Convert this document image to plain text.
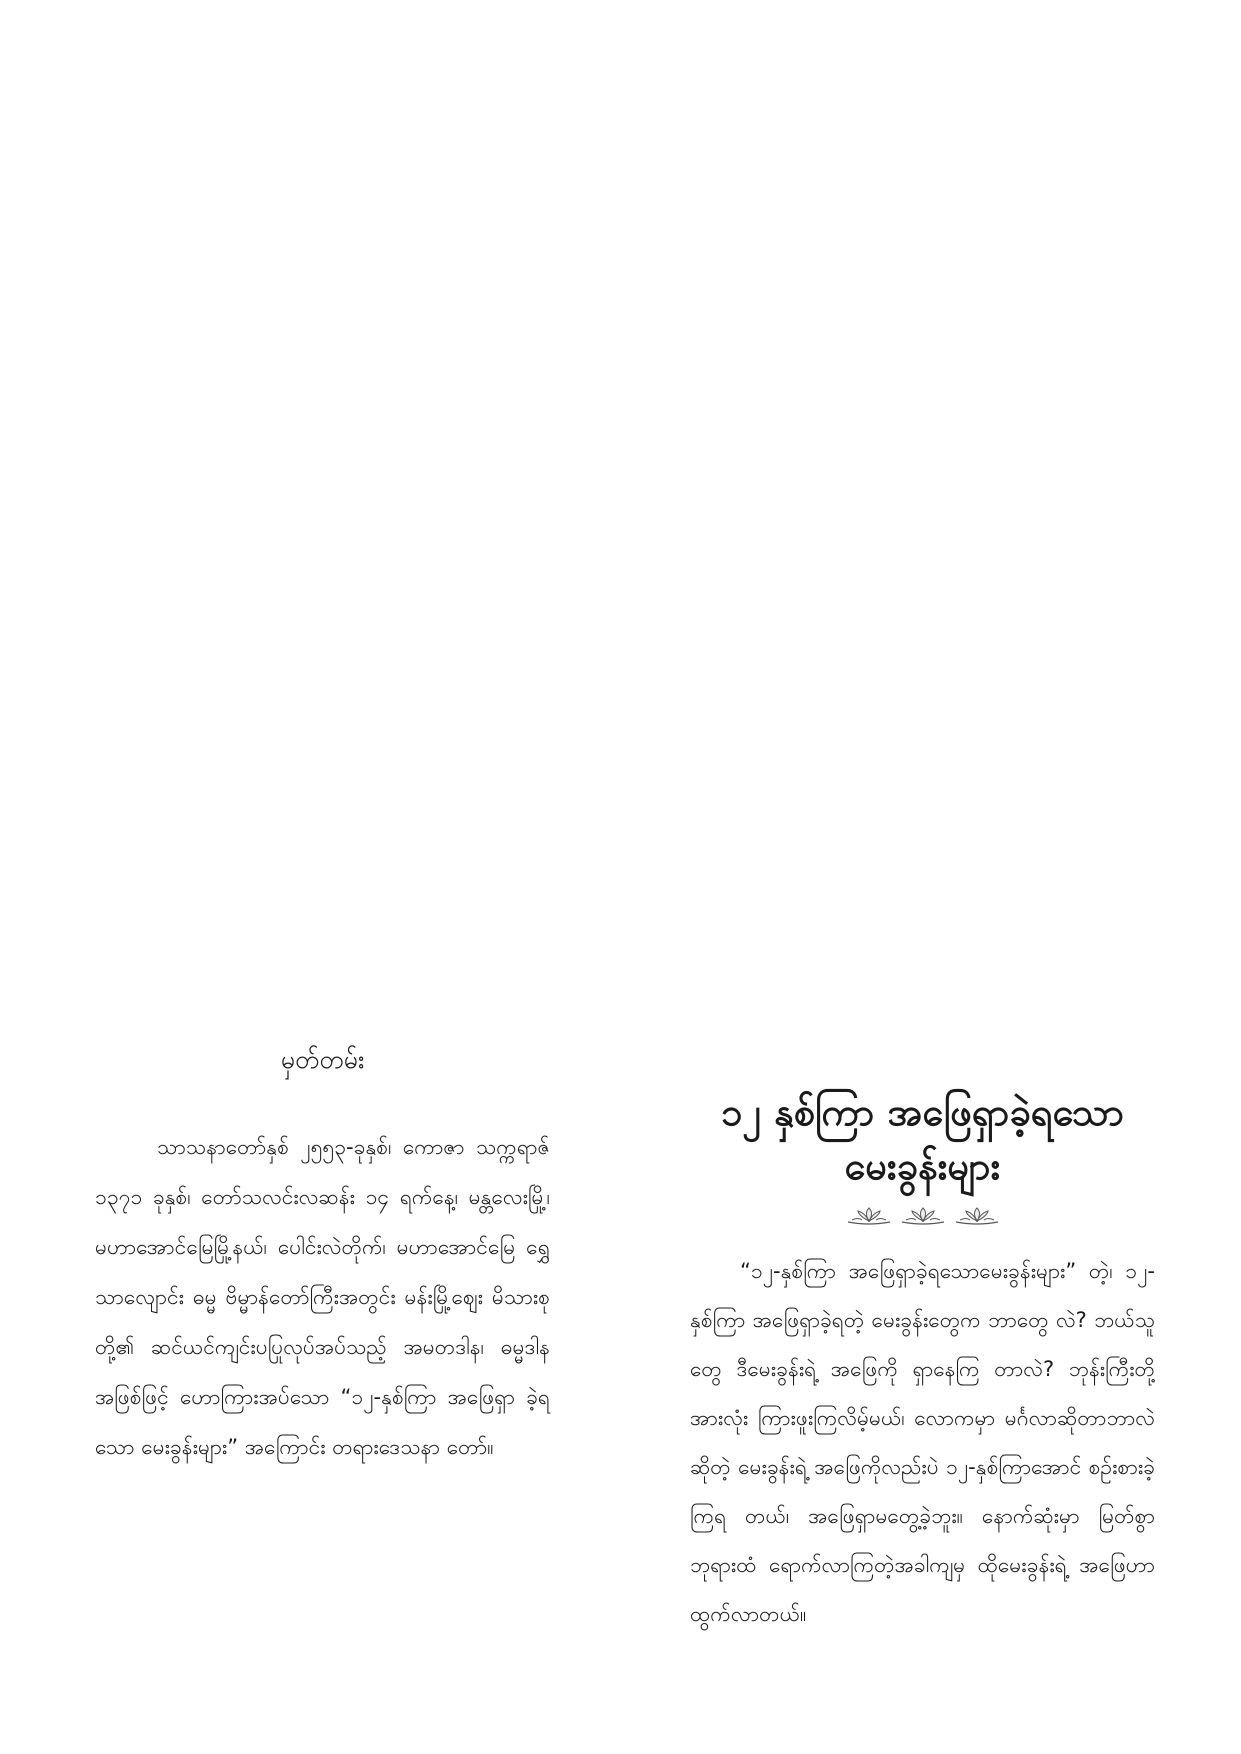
မှတ်တမ်း

သာသနာတော်နှစ် ၂၅၅၃-ခုနှစ်၊ ကောဇာ သက္ကရာဇ် ၁၃၇၁ ခုနှစ်၊ တော်သလင်းလဆန်း ၁၄ ရက်နေ့၊ မန္တလေးမြို့၊ မဟာအောင်မြေမြို့နယ်၊ ပေါင်းလဲတိုက်၊ မဟာအောင်မြေ ရွှေသာလျောင်း ဓမ္မ ဗိမ္မာန်တော်ကြီးအတွင်း မန်းမြို့ဈေး မိသားစု တို့၏ ဆင်ယင်ကျင်းပပြုလုပ်အပ်သည့် အမတဒါန၊ ဓမ္မဒါန အဖြစ်ဖြင့် ဟောကြားအပ်သော “၁၂-နှစ်ကြာ အဖြေရှာ ခဲ့ရသော မေးခွန်းများ” အကြောင်း တရားဒေသနာ တော်။

၁၂ နှစ်ကြာ အဖြေရှာခဲ့ရသော
မေးခွန်းများ

“၁၂-နှစ်ကြာ အဖြေရှာခဲ့ရသောမေးခွန်းများ” တဲ့၊ ၁၂-နှစ်ကြာ အဖြေရှာခဲ့ရတဲ့ မေးခွန်းတွေက ဘာတွေ လဲ? ဘယ်သူတွေ ဒီမေးခွန်းရဲ့ အဖြေကို ရှာနေကြ တာလဲ? ဘုန်းကြီးတို့အားလုံး ကြားဖူးကြလိမ့်မယ်၊ လောကမှာ မင်္ဂလာဆိုတာဘာလဲ ဆိုတဲ့ မေးခွန်းရဲ့ အဖြေကိုလည်းပဲ ၁၂-နှစ်ကြာအောင် စဉ်းစားခဲ့ကြရ တယ်၊ အဖြေရှာမတွေ့ခဲ့ဘူး။ နောက်ဆုံးမှာ မြတ်စွာ ဘုရားထံ ရောက်လာကြတဲ့အခါကျမှ ထိုမေးခွန်းရဲ့ အဖြေဟာ ထွက်လာတယ်။
